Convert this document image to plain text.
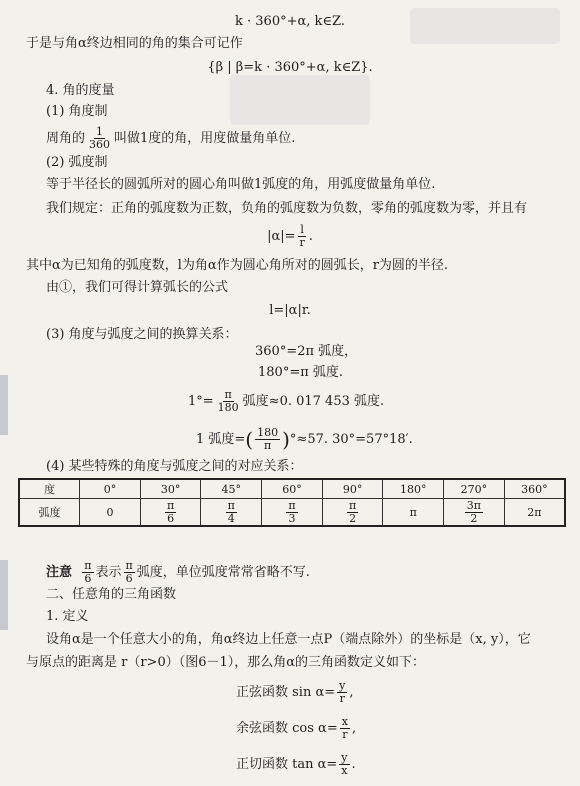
k · 360°+α, k∈Z.
于是与角α终边相同的角的集合可记作
{β | β=k · 360°+α, k∈Z}.
4. 角的度量
(1) 角度制
周角的 $\frac{1}{360}$ 叫做1度的角，用度做量角单位.
(2) 弧度制
等于半径长的圆弧所对的圆心角叫做1弧度的角，用弧度做量角单位.
我们规定：正角的弧度数为正数，负角的弧度数为负数，零角的弧度数为零，并且有
$|\alpha|= \frac{l}{r}$ .
其中α为已知角的弧度数，l为角α作为圆心角所对的圆弧长，r为圆的半径.
由①，我们可得计算弧长的公式
l=|α|r.
(3) 角度与弧度之间的换算关系：
360°=2π 弧度，
180°=π 弧度.
$1^\circ= \frac{\pi}{180}$ 弧度≈0. 017 453 弧度.
1 弧度=( $\frac{180}{\pi} )^\circ\approx 57$. 30°=57°18′.
(4) 某些特殊的角度与弧度之间的对应关系：
度	0°	30°	45°	60°	90°	180°	270°	360°
弧度	0	$\frac{\pi}{6}$	$\frac{\pi}{4}$	$\frac{\pi}{3}$	$\frac{\pi}{2}$	π	$\frac{3\pi}{2}$	2π
注意 $\frac{\pi}{6}$ 表示 $\frac{\pi}{6}$ 弧度，单位弧度常常省略不写.
二、任意角的三角函数
1. 定义
设角α是一个任意大小的角，角α终边上任意一点P（端点除外）的坐标是（x, y），它
与原点的距离是 r（r>0）（图6－1），那么角α的三角函数定义如下：
正弦函数 $\sin \alpha= \frac{y}{r}$ ,
余弦函数 $\cos \alpha= \frac{x}{r}$ ,
正切函数 $\tan \alpha= \frac{y}{x}$ .
